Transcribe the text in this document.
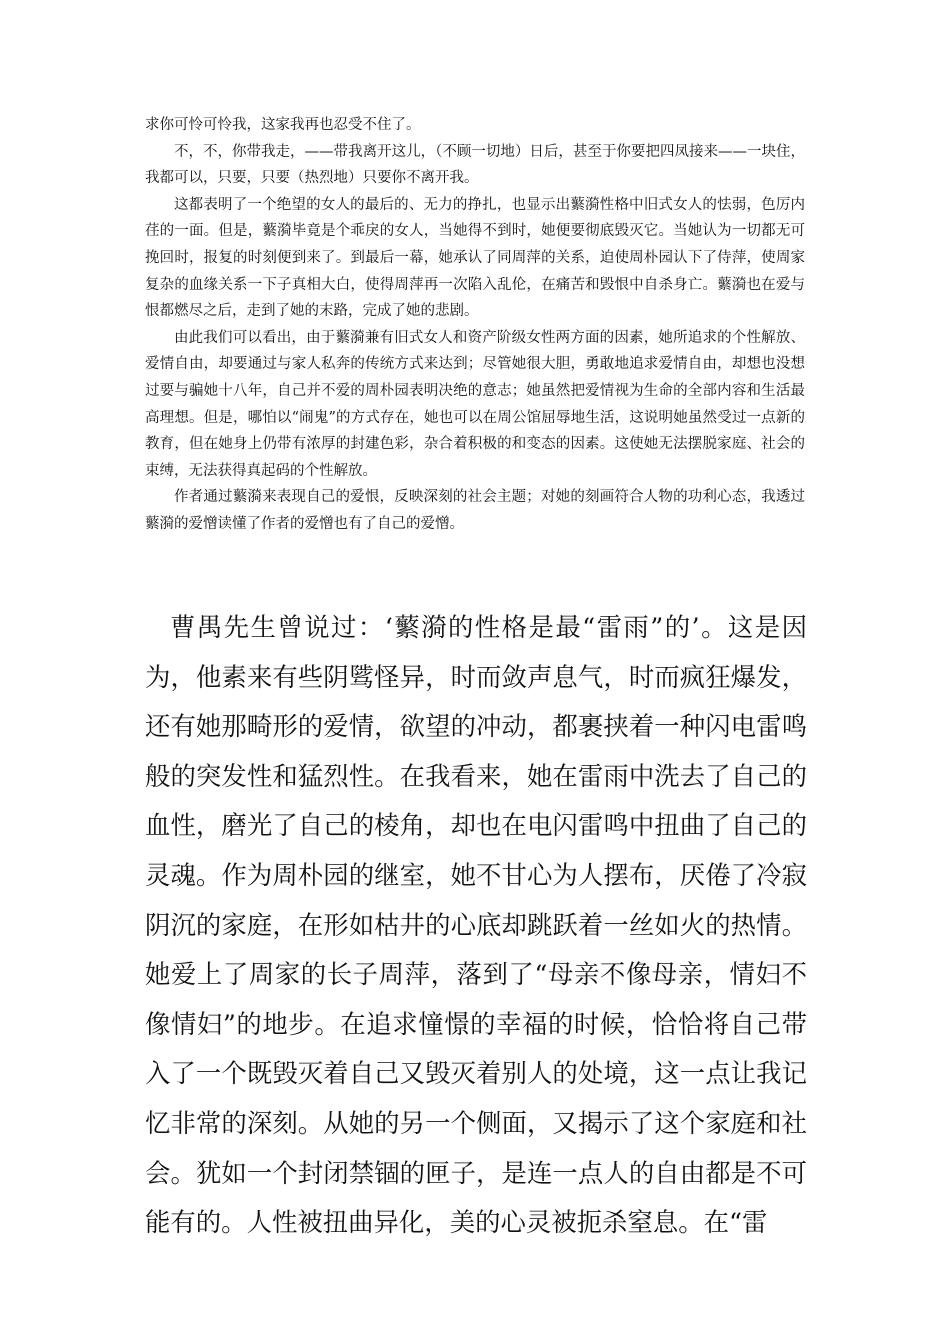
求你可怜可怜我，这家我再也忍受不住了。

不，不，你带我走，——带我离开这儿，（不顾一切地）日后，甚至于你要把四凤接来——一块住，我都可以，只要，只要（热烈地）只要你不离开我。

这都表明了一个绝望的女人的最后的、无力的挣扎，也显示出蘩漪性格中旧式女人的怯弱，色厉内荏的一面。但是，蘩漪毕竟是个乖戾的女人，当她得不到时，她便要彻底毁灭它。当她认为一切都无可挽回时，报复的时刻便到来了。到最后一幕，她承认了同周萍的关系，迫使周朴园认下了侍萍，使周家复杂的血缘关系一下子真相大白，使得周萍再一次陷入乱伦，在痛苦和毁恨中自杀身亡。蘩漪也在爱与恨都燃尽之后，走到了她的末路，完成了她的悲剧。

由此我们可以看出，由于蘩漪兼有旧式女人和资产阶级女性两方面的因素，她所追求的个性解放、爱情自由，却要通过与家人私奔的传统方式来达到；尽管她很大胆，勇敢地追求爱情自由，却想也没想过要与骗她十八年，自己并不爱的周朴园表明决绝的意志；她虽然把爱情视为生命的全部内容和生活最高理想。但是，哪怕以“闹鬼”的方式存在，她也可以在周公馆屈辱地生活，这说明她虽然受过一点新的教育，但在她身上仍带有浓厚的封建色彩，杂合着积极的和变态的因素。这使她无法摆脱家庭、社会的束缚，无法获得真起码的个性解放。

作者通过蘩漪来表现自己的爱恨，反映深刻的社会主题；对她的刻画符合人物的功利心态，我透过蘩漪的爱憎读懂了作者的爱憎也有了自己的爱憎。

曹禺先生曾说过：‘蘩漪的性格是最“雷雨”的’。这是因为，他素来有些阴骘怪异，时而敛声息气，时而疯狂爆发，还有她那畸形的爱情，欲望的冲动，都裹挟着一种闪电雷鸣般的突发性和猛烈性。在我看来，她在雷雨中洗去了自己的血性，磨光了自己的棱角，却也在电闪雷鸣中扭曲了自己的灵魂。作为周朴园的继室，她不甘心为人摆布，厌倦了冷寂阴沉的家庭，在形如枯井的心底却跳跃着一丝如火的热情。她爱上了周家的长子周萍，落到了“母亲不像母亲，情妇不像情妇”的地步。在追求憧憬的幸福的时候，恰恰将自己带入了一个既毁灭着自己又毁灭着别人的处境，这一点让我记忆非常的深刻。从她的另一个侧面，又揭示了这个家庭和社会。犹如一个封闭禁锢的匣子，是连一点人的自由都是不可能有的。人性被扭曲异化，美的心灵被扼杀窒息。在“雷
